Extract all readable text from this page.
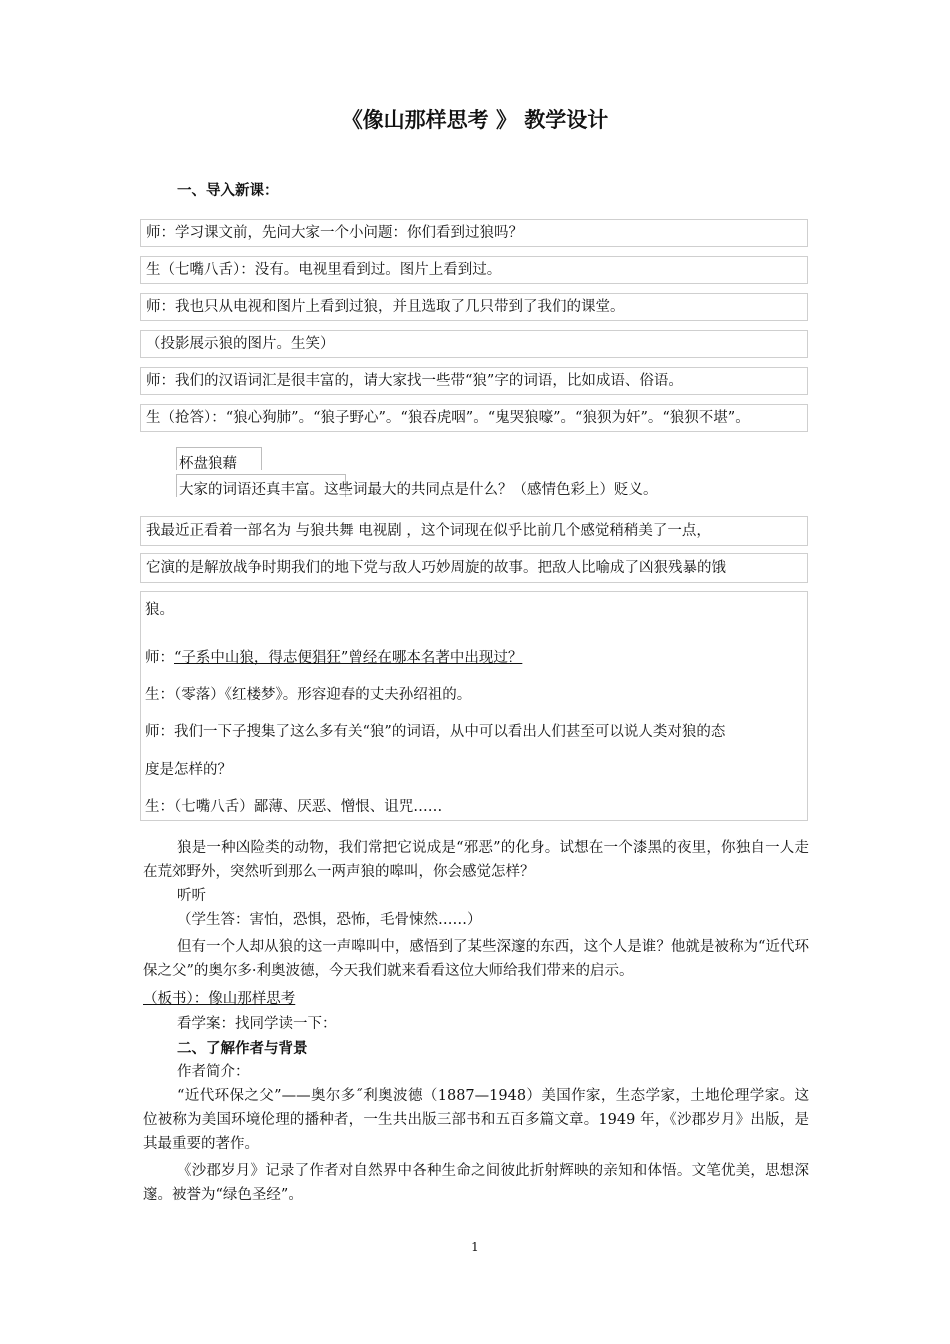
《像山那样思考 》 教学设计
一、导入新课：
师：学习课文前，先问大家一个小问题：你们看到过狼吗？
生（七嘴八舌）：没有。电视里看到过。图片上看到过。
师：我也只从电视和图片上看到过狼，并且选取了几只带到了我们的课堂。
（投影展示狼的图片。生笑）
师：我们的汉语词汇是很丰富的，请大家找一些带“狼”字的词语，比如成语、俗语。
生（抢答）：“狼心狗肺”。“狼子野心”。“狼吞虎咽”。“鬼哭狼嚎”。“狼狈为奸”。“狼狈不堪”。
杯盘狼藉
大家的词语还真丰富。这些词最大的共同点是什么？（感情色彩上）贬义。
我最近正看着一部名为 与狼共舞 电视剧 ，这个词现在似乎比前几个感觉稍稍美了一点，
它演的是解放战争时期我们的地下党与敌人巧妙周旋的故事。把敌人比喻成了凶狠残暴的饿
狼。
师：“子系中山狼，得志便猖狂”曾经在哪本名著中出现过？
生：（零落）《红楼梦》。形容迎春的丈夫孙绍祖的。
师：我们一下子搜集了这么多有关“狼”的词语，从中可以看出人们甚至可以说人类对狼的态
度是怎样的？
生：（七嘴八舌）鄙薄、厌恶、憎恨、诅咒……
狼是一种凶险类的动物，我们常把它说成是“邪恶”的化身。试想在一个漆黑的夜里，你独自一人走在荒郊野外，突然听到那么一两声狼的嗥叫，你会感觉怎样？
听听
（学生答：害怕，恐惧，恐怖，毛骨悚然……）
但有一个人却从狼的这一声嗥叫中，感悟到了某些深邃的东西，这个人是谁？他就是被称为“近代环保之父”的奥尔多·利奥波德，今天我们就来看看这位大师给我们带来的启示。
（板书）：像山那样思考
看学案：找同学读一下：
二、了解作者与背景
作者简介：
“近代环保之父”——奥尔多˝利奥波德（1887—1948）美国作家，生态学家，土地伦理学家。这位被称为美国环境伦理的播种者，一生共出版三部书和五百多篇文章。1949 年，《沙郡岁月》出版，是其最重要的著作。
《沙郡岁月》记录了作者对自然界中各种生命之间彼此折射辉映的亲知和体悟。文笔优美，思想深邃。被誉为“绿色圣经”。
1
